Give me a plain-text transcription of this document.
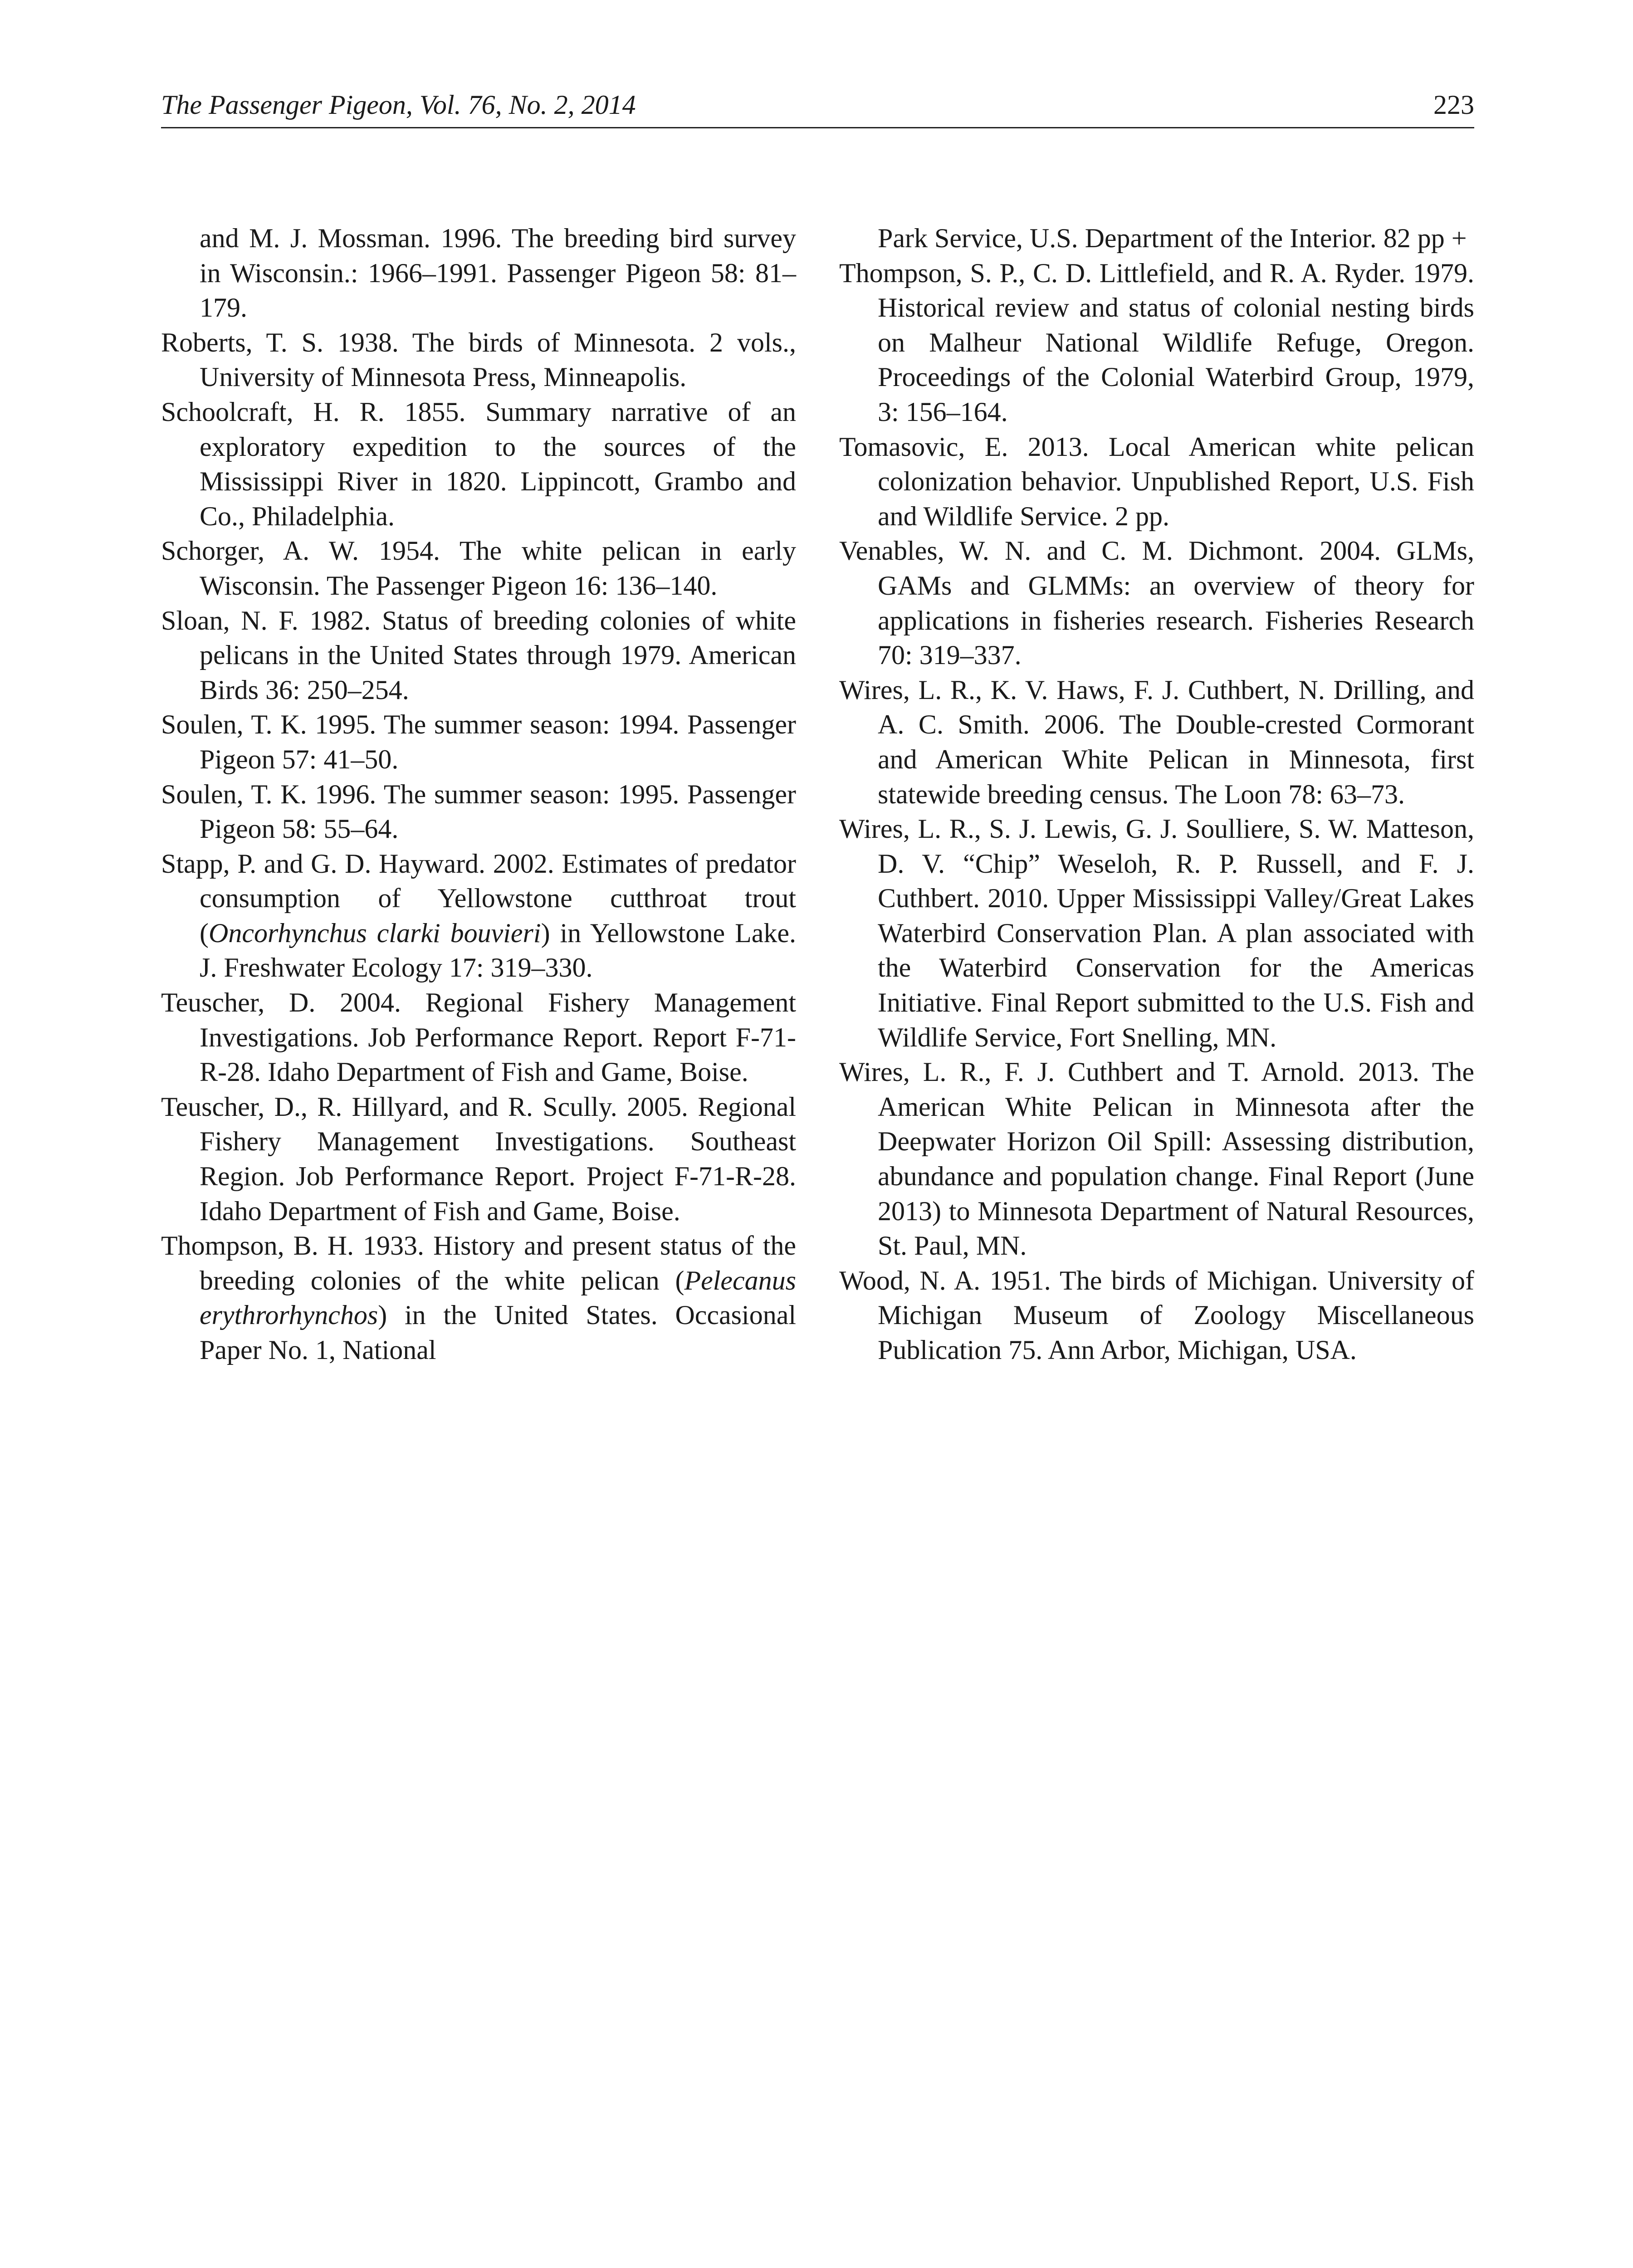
The Passenger Pigeon, Vol. 76, No. 2, 2014	223

and M. J. Mossman. 1996. The breeding bird survey in Wisconsin.: 1966–1991. Passenger Pigeon 58: 81–179.

Roberts, T. S. 1938. The birds of Minnesota. 2 vols., University of Minnesota Press, Minneapolis.

Schoolcraft, H. R. 1855. Summary narrative of an exploratory expedition to the sources of the Mississippi River in 1820. Lippincott, Grambo and Co., Philadelphia.

Schorger, A. W. 1954. The white pelican in early Wisconsin. The Passenger Pigeon 16: 136–140.

Sloan, N. F. 1982. Status of breeding colonies of white pelicans in the United States through 1979. American Birds 36: 250–254.

Soulen, T. K. 1995. The summer season: 1994. Passenger Pigeon 57: 41–50.

Soulen, T. K. 1996. The summer season: 1995. Passenger Pigeon 58: 55–64.

Stapp, P. and G. D. Hayward. 2002. Estimates of predator consumption of Yellowstone cutthroat trout (Oncorhynchus clarki bouvieri) in Yellowstone Lake. J. Freshwater Ecology 17: 319–330.

Teuscher, D. 2004. Regional Fishery Management Investigations. Job Performance Report. Report F-71-R-28. Idaho Department of Fish and Game, Boise.

Teuscher, D., R. Hillyard, and R. Scully. 2005. Regional Fishery Management Investigations. Southeast Region. Job Performance Report. Project F-71-R-28. Idaho Department of Fish and Game, Boise.

Thompson, B. H. 1933. History and present status of the breeding colonies of the white pelican (Pelecanus erythrorhynchos) in the United States. Occasional Paper No. 1, National

Park Service, U.S. Department of the Interior. 82 pp +

Thompson, S. P., C. D. Littlefield, and R. A. Ryder. 1979. Historical review and status of colonial nesting birds on Malheur National Wildlife Refuge, Oregon. Proceedings of the Colonial Waterbird Group, 1979, 3: 156–164.

Tomasovic, E. 2013. Local American white pelican colonization behavior. Unpublished Report, U.S. Fish and Wildlife Service. 2 pp.

Venables, W. N. and C. M. Dichmont. 2004. GLMs, GAMs and GLMMs: an overview of theory for applications in fisheries research. Fisheries Research 70: 319–337.

Wires, L. R., K. V. Haws, F. J. Cuthbert, N. Drilling, and A. C. Smith. 2006. The Double-crested Cormorant and American White Pelican in Minnesota, first statewide breeding census. The Loon 78: 63–73.

Wires, L. R., S. J. Lewis, G. J. Soulliere, S. W. Matteson, D. V. “Chip” Weseloh, R. P. Russell, and F. J. Cuthbert. 2010. Upper Mississippi Valley/Great Lakes Waterbird Conservation Plan. A plan associated with the Waterbird Conservation for the Americas Initiative. Final Report submitted to the U.S. Fish and Wildlife Service, Fort Snelling, MN.

Wires, L. R., F. J. Cuthbert and T. Arnold. 2013. The American White Pelican in Minnesota after the Deepwater Horizon Oil Spill: Assessing distribution, abundance and population change. Final Report (June 2013) to Minnesota Department of Natural Resources, St. Paul, MN.

Wood, N. A. 1951. The birds of Michigan. University of Michigan Museum of Zoology Miscellaneous Publication 75. Ann Arbor, Michigan, USA.
